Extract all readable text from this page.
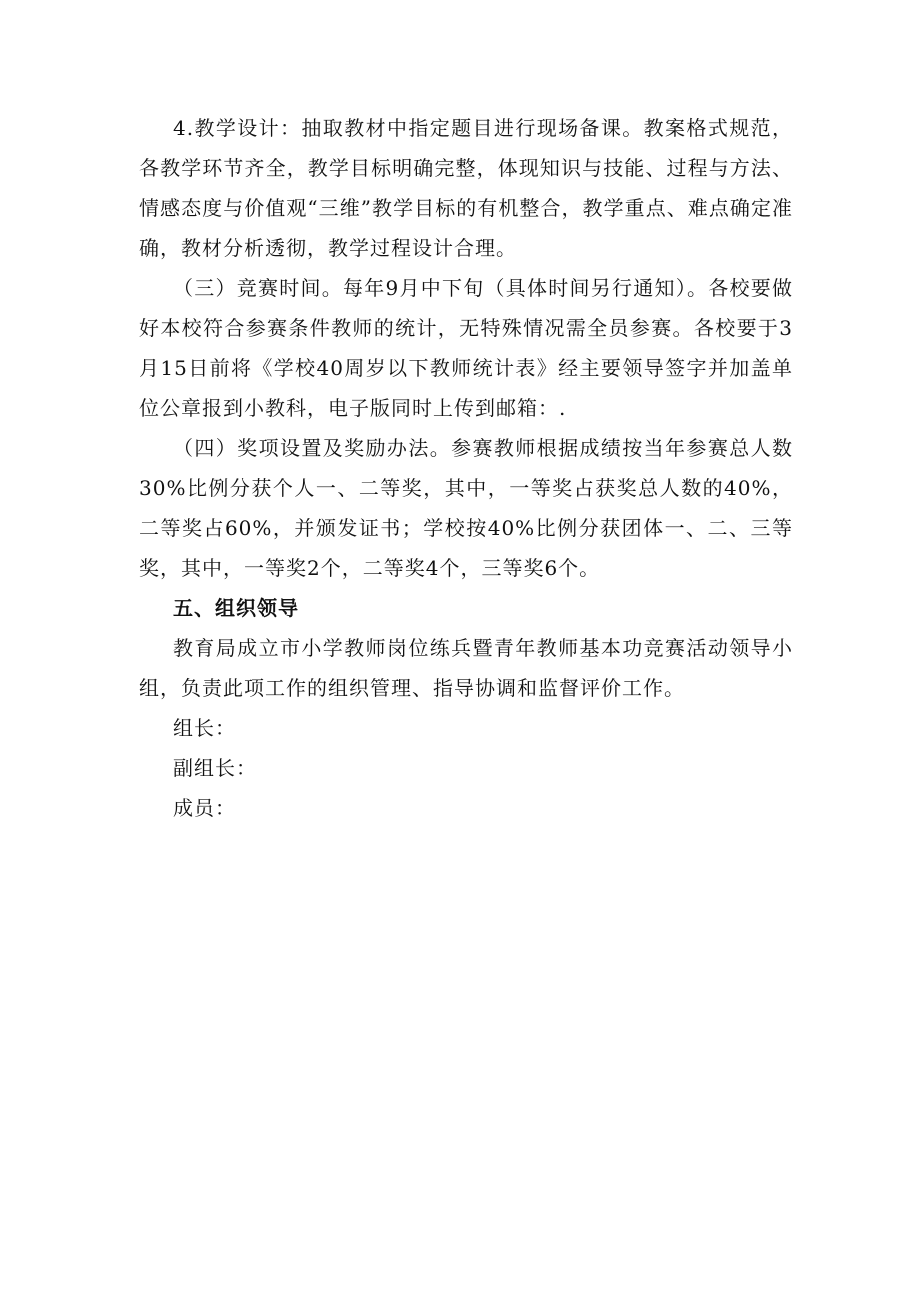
4.教学设计：抽取教材中指定题目进行现场备课。教案格式规范，各教学环节齐全，教学目标明确完整，体现知识与技能、过程与方法、情感态度与价值观“三维”教学目标的有机整合，教学重点、难点确定准确，教材分析透彻，教学过程设计合理。

（三）竞赛时间。每年9月中下旬（具体时间另行通知）。各校要做好本校符合参赛条件教师的统计，无特殊情况需全员参赛。各校要于3月15日前将《学校40周岁以下教师统计表》经主要领导签字并加盖单位公章报到小教科，电子版同时上传到邮箱：.

（四）奖项设置及奖励办法。参赛教师根据成绩按当年参赛总人数30%比例分获个人一、二等奖，其中，一等奖占获奖总人数的40%，二等奖占60%，并颁发证书；学校按40%比例分获团体一、二、三等奖，其中，一等奖2个，二等奖4个，三等奖6个。

五、组织领导

教育局成立市小学教师岗位练兵暨青年教师基本功竞赛活动领导小组，负责此项工作的组织管理、指导协调和监督评价工作。

组长：

副组长：

成员：
